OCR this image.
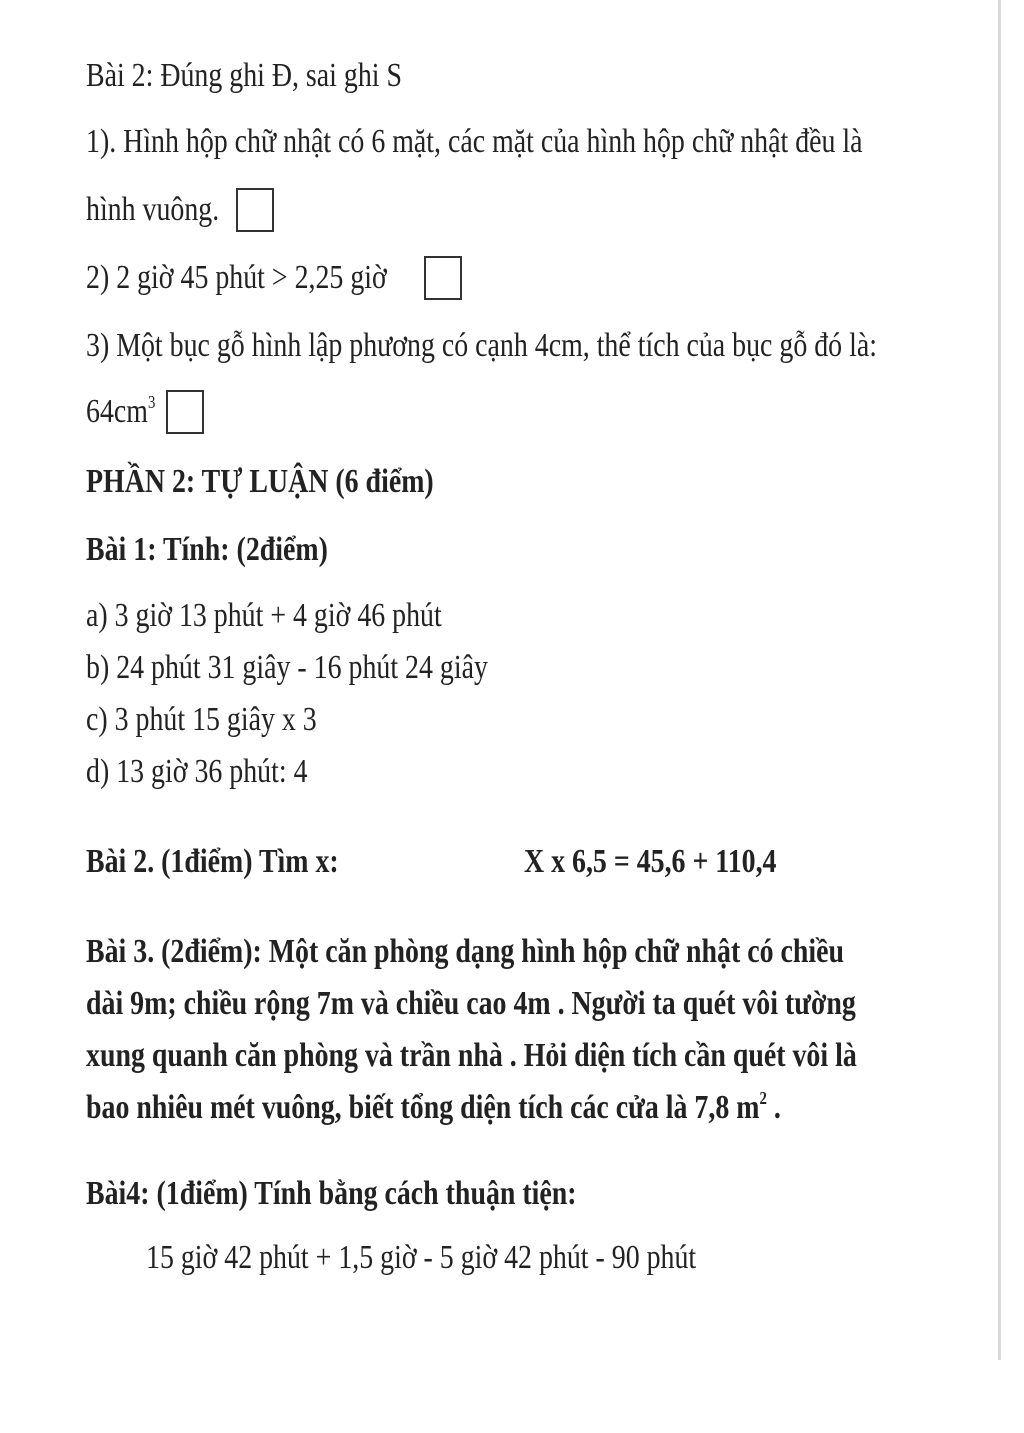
Bài 2: Đúng ghi Đ, sai ghi S
1). Hình hộp chữ nhật có 6 mặt, các mặt của hình hộp chữ nhật đều là
hình vuông.
2) 2 giờ 45 phút > 2,25 giờ
3) Một bục gỗ hình lập phương có cạnh 4cm, thể tích của bục gỗ đó là:
$64cm^3$
PHẦN 2: TỰ LUẬN (6 điểm)
Bài 1: Tính: (2điểm)
a) 3 giờ 13 phút + 4 giờ 46 phút
b) 24 phút 31 giây - 16 phút 24 giây
c) 3 phút 15 giây x 3
d) 13 giờ 36 phút: 4
Bài 2. (1điểm) Tìm x:	X x 6,5 = 45,6 + 110,4
Bài 3. (2điểm): Một căn phòng dạng hình hộp chữ nhật có chiều
dài 9m; chiều rộng 7m và chiều cao 4m . Người ta quét vôi tường
xung quanh căn phòng và trần nhà . Hỏi diện tích cần quét vôi là
bao nhiêu mét vuông, biết tổng diện tích các cửa là 7,8 $m^2$ .
Bài4: (1điểm) Tính bằng cách thuận tiện:
15 giờ 42 phút + 1,5 giờ - 5 giờ 42 phút - 90 phút
